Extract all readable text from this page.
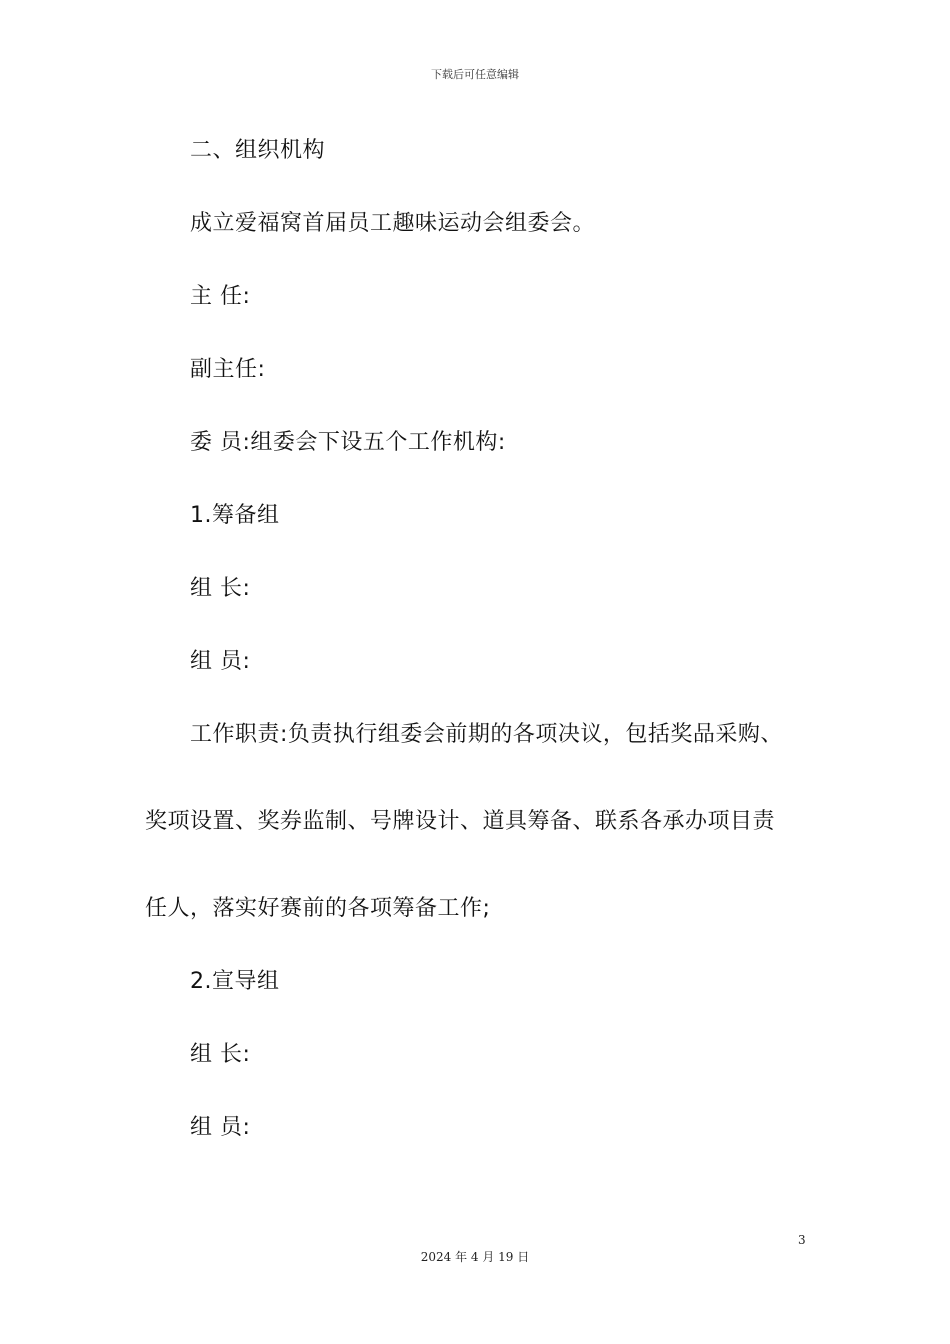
下载后可任意编辑
二、组织机构
成立爱福窝首届员工趣味运动会组委会。
主 任:
副主任:
委 员:组委会下设五个工作机构:
1.筹备组
组 长:
组 员:
工作职责:负责执行组委会前期的各项决议，包括奖品采购、
奖项设置、奖券监制、号牌设计、道具筹备、联系各承办项目责
任人，落实好赛前的各项筹备工作;
2.宣导组
组 长:
组 员:
3
2024 年 4 月 19 日
